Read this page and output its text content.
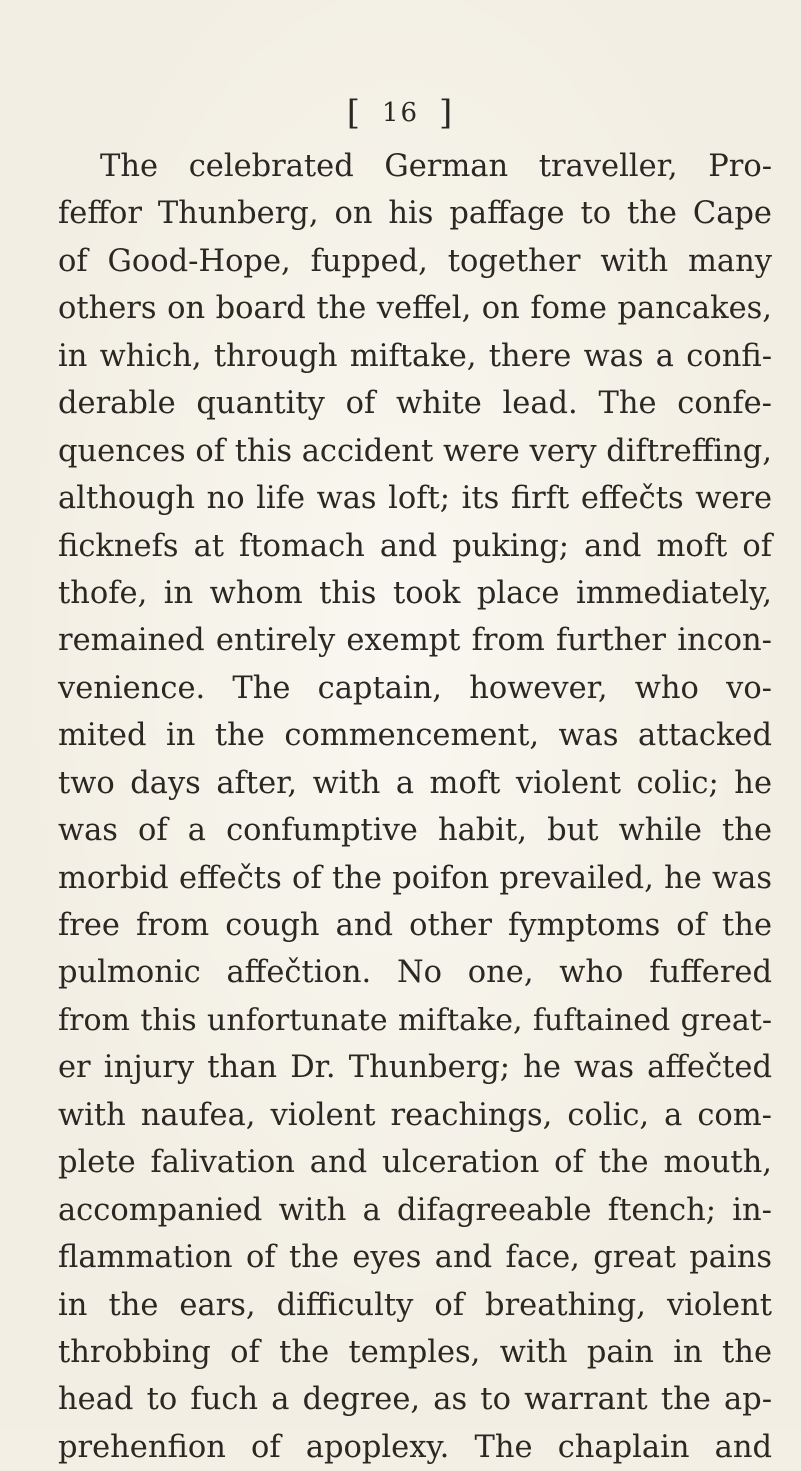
[ 16 ]
The celebrated German traveller, Pro-
feffor Thunberg, on his paffage to the Cape
of Good-Hope, fupped, together with many
others on board the veffel, on fome pancakes,
in which, through miftake, there was a confi-
derable quantity of white lead. The confe-
quences of this accident were very diftreffing,
although no life was loft; its firft effečts were
ficknefs at ftomach and puking; and moft of
thofe, in whom this took place immediately,
remained entirely exempt from further incon-
venience. The captain, however, who vo-
mited in the commencement, was attacked
two days after, with a moft violent colic; he
was of a confumptive habit, but while the
morbid effečts of the poifon prevailed, he was
free from cough and other fymptoms of the
pulmonic affečtion. No one, who fuffered
from this unfortunate miftake, fuftained great-
er injury than Dr. Thunberg; he was affečted
with naufea, violent reachings, colic, a com-
plete falivation and ulceration of the mouth,
accompanied with a difagreeable ftench; in-
flammation of the eyes and face, great pains
in the ears, difficulty of breathing, violent
throbbing of the temples, with pain in the
head to fuch a degree, as to warrant the ap-
prehenfion of apoplexy. The chaplain and
